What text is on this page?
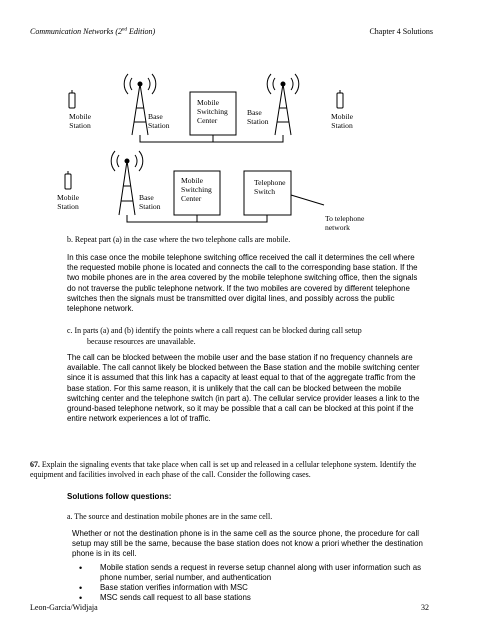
Communication Networks (2nd Edition)	Chapter 4 Solutions
Mobile
Station
Base
Station
Mobile
Switching
Center
Base
Station
Mobile
Station
Mobile
Station
Base
Station
Mobile
Switching
Center
Telephone
Switch
To telephone
network
b. Repeat part (a) in the case where the two telephone calls are mobile.
In this case once the mobile telephone switching office received the call it determines the cell where the requested mobile phone is located and connects the call to the corresponding base station. If the two mobile phones are in the area covered by the mobile telephone switching office, then the signals do not traverse the public telephone network. If the two mobiles are covered by different telephone switches then the signals must be transmitted over digital lines, and possibly across the public telephone network.
c. In parts (a) and (b) identify the points where a call request can be blocked during call setup
because resources are unavailable.
The call can be blocked between the mobile user and the base station if no frequency channels are available. The call cannot likely be blocked between the Base station and the mobile switching center since it is assumed that this link has a capacity at least equal to that of the aggregate traffic from the base station. For this same reason, it is unlikely that the call can be blocked between the mobile switching center and the telephone switch (in part a). The cellular service provider leases a link to the ground-based telephone network, so it may be possible that a call can be blocked at this point if the entire network experiences a lot of traffic.
67. Explain the signaling events that take place when call is set up and released in a cellular telephone system. Identify the equipment and facilities involved in each phase of the call. Consider the following cases.
Solutions follow questions:
a. The source and destination mobile phones are in the same cell.
Whether or not the destination phone is in the same cell as the source phone, the procedure for call setup may still be the same, because the base station does not know a priori whether the destination phone is in its cell.
• Mobile station sends a request in reverse setup channel along with user information such as phone number, serial number, and authentication
• Base station verifies information with MSC
• MSC sends call request to all base stations
Leon-Garcia/Widjaja	32
